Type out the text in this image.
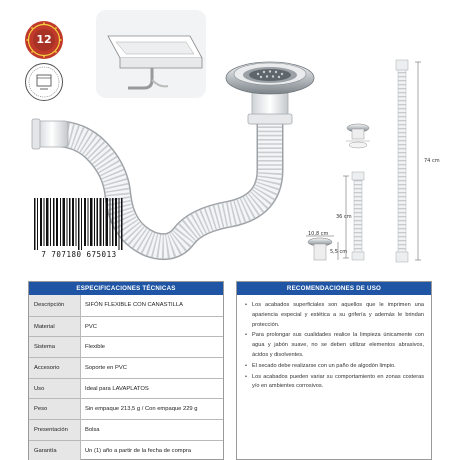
12
74 cm
36 cm
10,8 cm
5,5 cm
7 707180 675013
ESPECIFICACIONES TÉCNICAS
Descripción	SIFÓN FLEXIBLE CON CANASTILLA
Material	PVC
Sistema	Flexible
Accesorio	Soporte en PVC
Uso	Ideal para LAVAPLATOS
Peso	Sin empaque 213,5 g / Con empaque 229 g
Presentación	Bolsa
Garantía	Un (1) año a partir de la fecha de compra
RECOMENDACIONES DE USO
• Los acabados superficiales son aquellos que le imprimen una apariencia especial y estética a su grifería y además le brindan protección.
• Para prolongar sus cualidades realice la limpieza únicamente con agua y jabón suave, no se deben utilizar elementos abrasivos, ácidos y disolventes.
• El secado debe realizarse con un paño de algodón limpio.
• Los acabados pueden variar su comportamiento en zonas costeras y/o en ambientes corrosivos.
